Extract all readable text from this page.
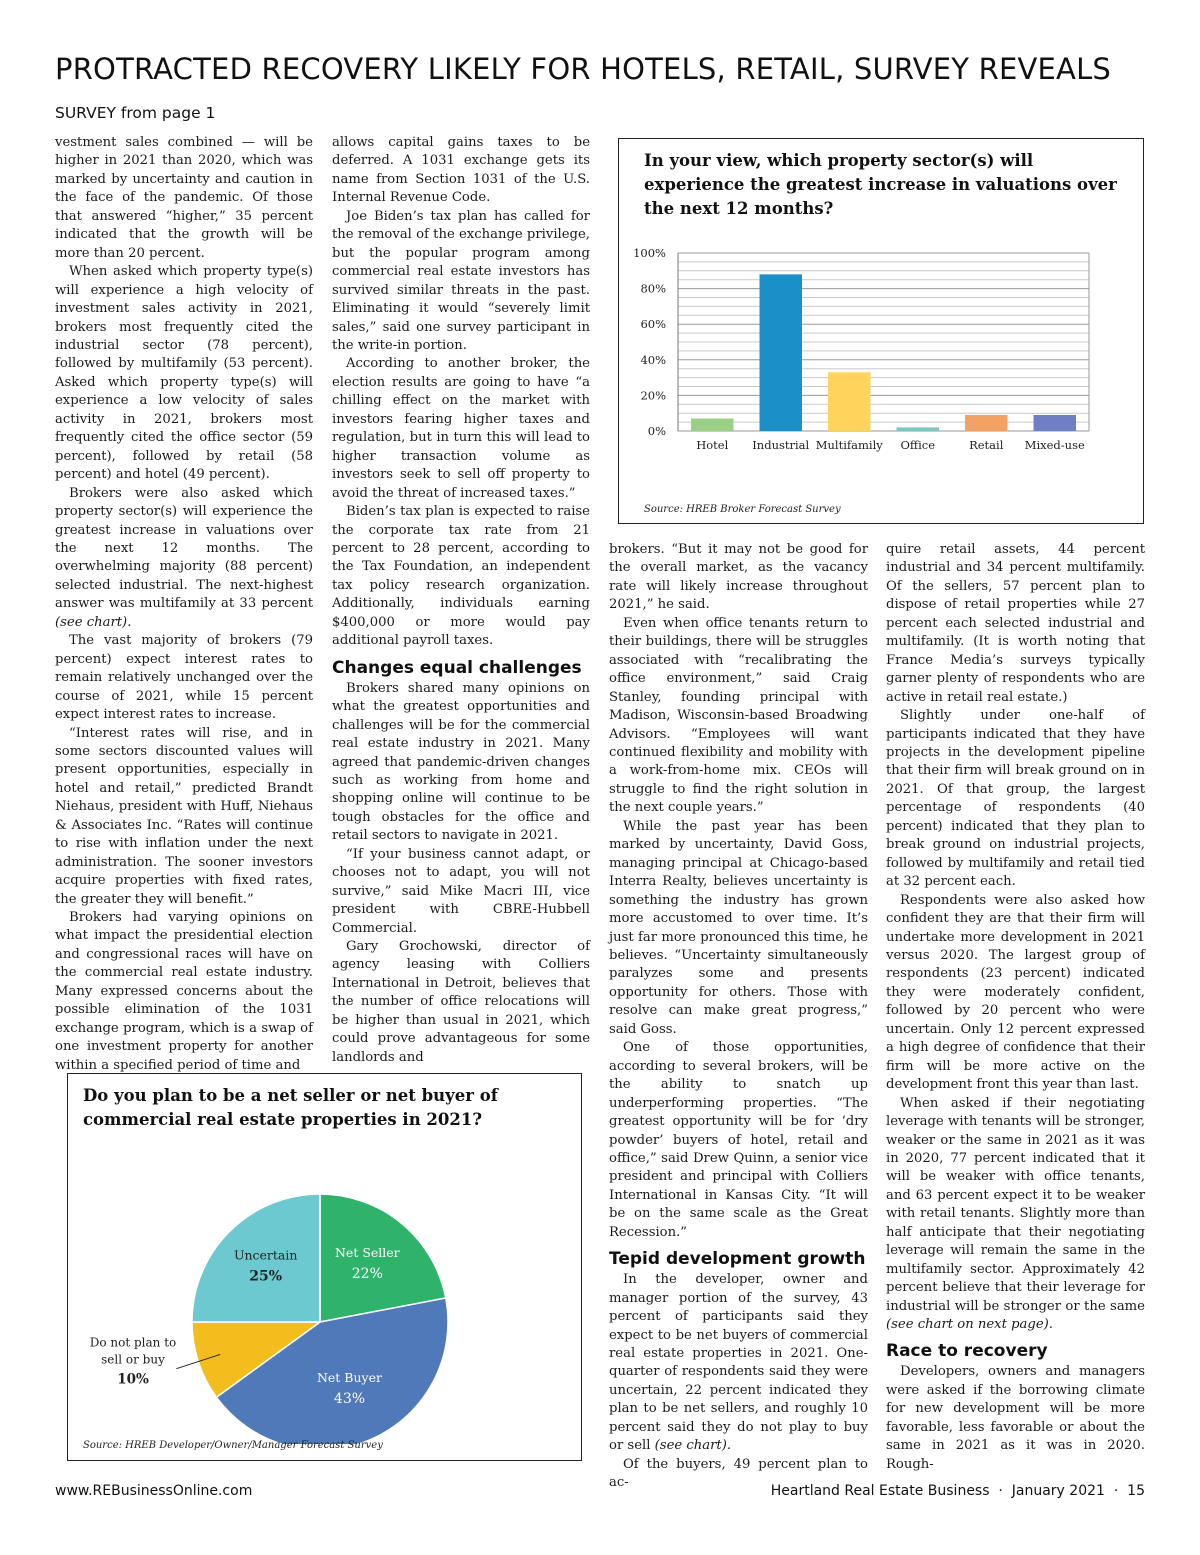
PROTRACTED RECOVERY LIKELY FOR HOTELS, RETAIL, SURVEY REVEALS
SURVEY from page 1

vestment sales combined — will be higher in 2021 than 2020, which was marked by uncertainty and caution in the face of the pandemic. Of those that answered “higher,” 35 percent indicated that the growth will be more than 20 percent.

When asked which property type(s) will experience a high velocity of investment sales activity in 2021, brokers most frequently cited the industrial sector (78 percent), followed by multifamily (53 percent). Asked which property type(s) will experience a low velocity of sales activity in 2021, brokers most frequently cited the office sector (59 percent), followed by retail (58 percent) and hotel (49 percent).

Brokers were also asked which property sector(s) will experience the greatest increase in valuations over the next 12 months. The overwhelming majority (88 percent) selected industrial. The next-highest answer was multifamily at 33 percent (see chart).

The vast majority of brokers (79 percent) expect interest rates to remain relatively unchanged over the course of 2021, while 15 percent expect interest rates to increase.

“Interest rates will rise, and in some sectors discounted values will present opportunities, especially in hotel and retail,” predicted Brandt Niehaus, president with Huff, Niehaus & Associates Inc. “Rates will continue to rise with inflation under the next administration. The sooner investors acquire properties with fixed rates, the greater they will benefit.”

Brokers had varying opinions on what impact the presidential election and congressional races will have on the commercial real estate industry. Many expressed concerns about the possible elimination of the 1031 exchange program, which is a swap of one investment property for another within a specified period of time and

allows capital gains taxes to be deferred. A 1031 exchange gets its name from Section 1031 of the U.S. Internal Revenue Code.

Joe Biden’s tax plan has called for the removal of the exchange privilege, but the popular program among commercial real estate investors has survived similar threats in the past. Eliminating it would “severely limit sales,” said one survey participant in the write-in portion.

According to another broker, the election results are going to have “a chilling effect on the market with investors fearing higher taxes and regulation, but in turn this will lead to higher transaction volume as investors seek to sell off property to avoid the threat of increased taxes.”

Biden’s tax plan is expected to raise the corporate tax rate from 21 percent to 28 percent, according to the Tax Foundation, an independent tax policy research organization. Additionally, individuals earning $400,000 or more would pay additional payroll taxes.

Changes equal challenges

Brokers shared many opinions on what the greatest opportunities and challenges will be for the commercial real estate industry in 2021. Many agreed that pandemic-driven changes such as working from home and shopping online will continue to be tough obstacles for the office and retail sectors to navigate in 2021.

“If your business cannot adapt, or chooses not to adapt, you will not survive,” said Mike Macri III, vice president with CBRE-Hubbell Commercial.

Gary Grochowski, director of agency leasing with Colliers International in Detroit, believes that the number of office relocations will be higher than usual in 2021, which could prove advantageous for some landlords and

brokers. “But it may not be good for the overall market, as the vacancy rate will likely increase throughout 2021,” he said.

Even when office tenants return to their buildings, there will be struggles associated with “recalibrating the office environment,” said Craig Stanley, founding principal with Madison, Wisconsin-based Broadwing Advisors. “Employees will want continued flexibility and mobility with a work-from-home mix. CEOs will struggle to find the right solution in the next couple years.”

While the past year has been marked by uncertainty, David Goss, managing principal at Chicago-based Interra Realty, believes uncertainty is something the industry has grown more accustomed to over time. It’s just far more pronounced this time, he believes. “Uncertainty simultaneously paralyzes some and presents opportunity for others. Those with resolve can make great progress,” said Goss.

One of those opportunities, according to several brokers, will be the ability to snatch up underperforming properties. “The greatest opportunity will be for ‘dry powder’ buyers of hotel, retail and office,” said Drew Quinn, a senior vice president and principal with Colliers International in Kansas City. “It will be on the same scale as the Great Recession.”

Tepid development growth

In the developer, owner and manager portion of the survey, 43 percent of participants said they expect to be net buyers of commercial real estate properties in 2021. One-quarter of respondents said they were uncertain, 22 percent indicated they plan to be net sellers, and roughly 10 percent said they do not play to buy or sell (see chart).

Of the buyers, 49 percent plan to ac-

quire retail assets, 44 percent industrial and 34 percent multifamily. Of the sellers, 57 percent plan to dispose of retail properties while 27 percent each selected industrial and multifamily. (It is worth noting that France Media’s surveys typically garner plenty of respondents who are active in retail real estate.)

Slightly under one-half of participants indicated that they have projects in the development pipeline that their firm will break ground on in 2021. Of that group, the largest percentage of respondents (40 percent) indicated that they plan to break ground on industrial projects, followed by multifamily and retail tied at 32 percent each.

Respondents were also asked how confident they are that their firm will undertake more development in 2021 versus 2020. The largest group of respondents (23 percent) indicated they were moderately confident, followed by 20 percent who were uncertain. Only 12 percent expressed a high degree of confidence that their firm will be more active on the development front this year than last.

When asked if their negotiating leverage with tenants will be stronger, weaker or the same in 2021 as it was in 2020, 77 percent indicated that it will be weaker with office tenants, and 63 percent expect it to be weaker with retail tenants. Slightly more than half anticipate that their negotiating leverage will remain the same in the multifamily sector. Approximately 42 percent believe that their leverage for industrial will be stronger or the same (see chart on next page).

Race to recovery

Developers, owners and managers were asked if the borrowing climate for new development will be more favorable, less favorable or about the same in 2021 as it was in 2020. Rough-

In your view, which property sector(s) will experience the greatest increase in valuations over the next 12 months?
0%
20%
40%
60%
80%
100%
Hotel Industrial Multifamily Office	Retail Mixed-use
Source: HREB Broker Forecast Survey
Do you plan to be a net seller or net buyer of commercial real estate properties in 2021?
Net Seller
22%
Net Buyer
43%
Do not plan to
sell or buy
10%
Uncertain
25%
Source: HREB Developer/Owner/Manager Forecast Survey
www.REBusinessOnline.com	Heartland Real Estate Business  ·  January 2021  ·  15
